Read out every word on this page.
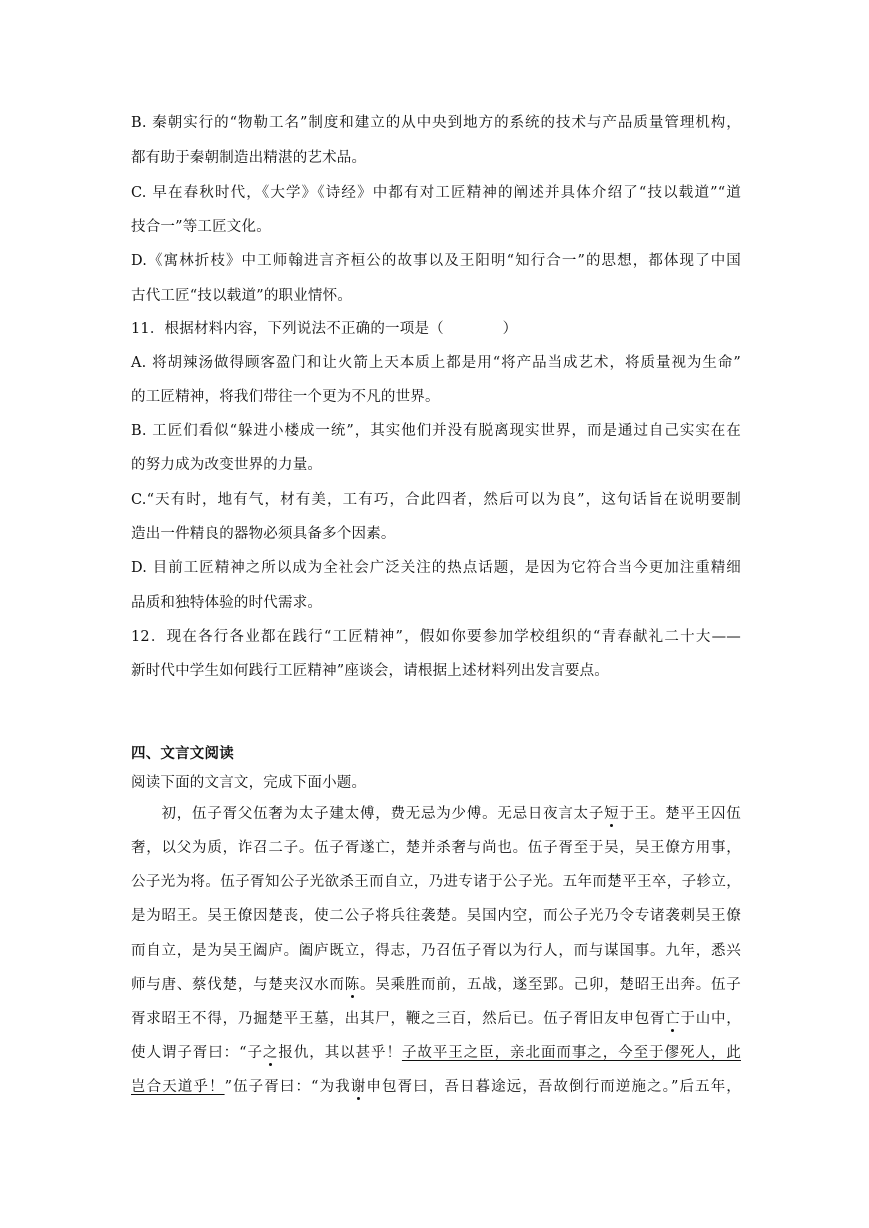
B. 秦朝实行的“物勒工名”制度和建立的从中央到地方的系统的技术与产品质量管理机构，
都有助于秦朝制造出精湛的艺术品。
C. 早在春秋时代，《大学》《诗经》中都有对工匠精神的阐述并具体介绍了“技以载道”“道
技合一”等工匠文化。
D.《寓林折枝》中工师翰进言齐桓公的故事以及王阳明“知行合一”的思想，都体现了中国
古代工匠“技以载道”的职业情怀。
11．根据材料内容，下列说法不正确的一项是（　　　　）
A. 将胡辣汤做得顾客盈门和让火箭上天本质上都是用“将产品当成艺术，将质量视为生命”
的工匠精神，将我们带往一个更为不凡的世界。
B. 工匠们看似“躲进小楼成一统”，其实他们并没有脱离现实世界，而是通过自己实实在在
的努力成为改变世界的力量。
C.“天有时，地有气，材有美，工有巧，合此四者，然后可以为良”，这句话旨在说明要制
造出一件精良的器物必须具备多个因素。
D. 目前工匠精神之所以成为全社会广泛关注的热点话题，是因为它符合当今更加注重精细
品质和独特体验的时代需求。
12．现在各行各业都在践行“工匠精神”，假如你要参加学校组织的“青春献礼二十大——
新时代中学生如何践行工匠精神”座谈会，请根据上述材料列出发言要点。
四、文言文阅读
阅读下面的文言文，完成下面小题。
　　初，伍子胥父伍奢为太子建太傅，费无忌为少傅。无忌日夜言太子短于王。楚平王囚伍
奢，以父为质，诈召二子。伍子胥遂亡，楚并杀奢与尚也。伍子胥至于吴，吴王僚方用事，
公子光为将。伍子胥知公子光欲杀王而自立，乃进专诸于公子光。五年而楚平王卒，子轸立，
是为昭王。吴王僚因楚丧，使二公子将兵往袭楚。吴国内空，而公子光乃令专诸袭刺吴王僚
而自立，是为吴王阖庐。阖庐既立，得志，乃召伍子胥以为行人，而与谋国事。九年，悉兴
师与唐、蔡伐楚，与楚夹汉水而陈。吴乘胜而前，五战，遂至郢。己卯，楚昭王出奔。伍子
胥求昭王不得，乃掘楚平王墓，出其尸，鞭之三百，然后已。伍子胥旧友申包胥亡于山中，
使人谓子胥曰：“子之报仇，其以甚乎！子故平王之臣，亲北面而事之，今至于僇死人，此
岂合天道乎！”伍子胥曰：“为我谢申包胥曰，吾日暮途远，吾故倒行而逆施之。”后五年，
